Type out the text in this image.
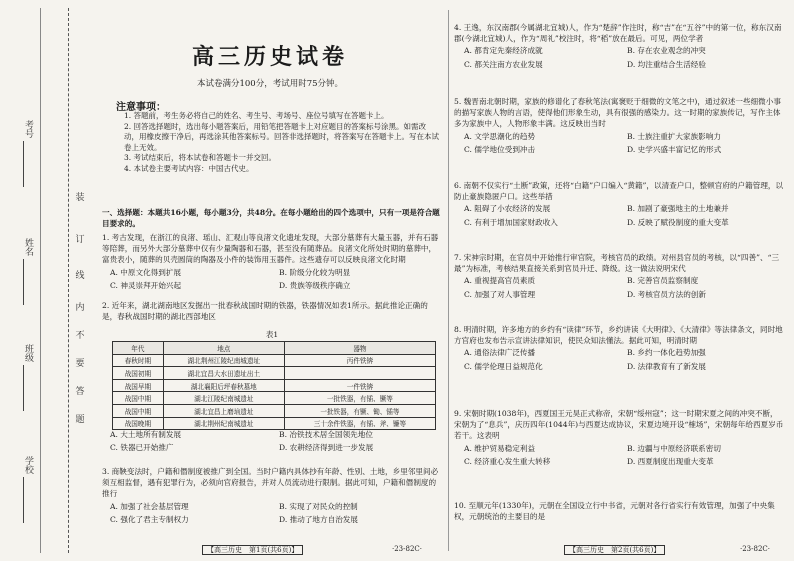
考号
姓名
班级
学校
装
订
线
内
不
要
答
题
高三历史试卷
本试卷满分100分，考试用时75分钟。
注意事项：

1. 答题前，考生务必将自己的姓名、考生号、考场号、座位号填写在答题卡上。

2. 回答选择题时，选出每小题答案后，用铅笔把答题卡上对应题目的答案标号涂黑。如需改动，用橡皮擦干净后，再选涂其他答案标号。回答非选择题时，将答案写在答题卡上。写在本试卷上无效。

3. 考试结束后，将本试卷和答题卡一并交回。

4. 本试卷主要考试内容：中国古代史。

一、选择题：本题共16小题，每小题3分，共48分。在每小题给出的四个选项中，只有一项是符合题目要求的。

1. 考古发现，在浙江的良渚、瑶山、汇观山等良渚文化遗址发现，大部分墓葬有大量玉器，并有石器等陪葬，而另外大部分墓葬中仅有少量陶器和石器，甚至没有随葬品。良渚文化所处时期的墓葬中，富贵表小，随葬的贝壳圆筒的陶器及小件的装饰用玉器件。这些遗存可以反映良渚文化时期

A. 中原文化得到扩展	B. 阶级分化较为明显
C. 神灵崇拜开始兴起	D. 贵族等级秩序确立

2. 近年来，湖北湖南地区发掘出一批春秋战国时期的铁器，铁器情况如表1所示。据此推论正确的是，春秋战国时期的湖北西部地区

表1
年代	地点	器物
春秋时期	湖北荆州江陵纪南城遗址	丙件铁锛
战国初期	湖北宜昌大水田遗址出土	
战国早期	湖北襄阳后坪春秋墓地	一件铁锛
战国中期	湖北江陵纪南城遗址	一批铁器，有锸、镢等
战国中期	湖北宜昌上磨垴遗址	一批铁器，有镢、锄、锸等
战国晚期	湖北荆州纪南城遗址	三十余件铁器，有锸、斧、镰等
A. 大土地所有制发展	B. 冶铁技术居全国领先地位
C. 铁器已开始推广	D. 农耕经济得到进一步发展

3. 商鞅变法时，户籍和僭制度被推广到全国。当时户籍内具体抄有年龄、性别、土地，乡里邻里间必须互相监督，遇有犯罪行为，必须向官府报告，并对人员流动进行限制。据此可知，户籍和僭制度的推行

A. 加强了社会基层管理	B. 实现了对民众的控制
C. 强化了君主专制权力	D. 推动了地方自治发展
【高三历史　第1页(共6页)】	·23-82C·

4. 王逸，东汉南郡(今属湖北宜城)人，作为“楚辞”作注时，称“吉”在“五谷”中的第一位，称东汉南郡(今湖北宜城)人，作为“周礼”校注时，将“稻”放在最后。可见，两位学者

A. 都肯定先秦经济成就	B. 存在农业观念的冲突
C. 都关注南方农业发展	D. 均注重结合生活经验

5. 魏晋南北朝时期，家族的修谱化了春秋笔法(寓褒贬于细微的文笔之中)，通过叙述一些细微小事的描写家族人物的言语，使得他们形象生动，具有很强的感染力。这一时期的家族传记，写作主体多为家族中人，人物形象丰满。这反映出当时

A. 文学思潮化的趋势	B. 士族注重扩大家族影响力
C. 儒学地位受到冲击	D. 史学兴盛丰富记忆的形式

6. 南朝不仅实行“土断”政策，还将“白籍”户口编入“黄籍”，以清查户口，整顿官府的户籍管理，以防止豪族隐匿户口。这些举措

A. 阻碍了小农经济的发展	B. 加剧了豪强地主的土地兼并
C. 有利于增加国家财政收入	D. 反映了赋役制度的重大变革

7. 宋神宗时期，在官员中开始推行审官院，考核官员的政绩。对州县官员的考核，以“四善”、“三最”为标准，考核结果直接关系到官员升迁、降级。这一做法说明宋代

A. 重视提高官员素质	B. 完善官员监察制度
C. 加强了对人事管理	D. 考核官员方法的创新

8. 明清时期，许多地方的乡约有“读律”环节，乡约讲读《大明律》、《大清律》等法律条文，同时地方官府也发布告示宣讲法律知识，使民众知法懂法。据此可知，明清时期

A. 通俗法律广泛传播	B. 乡约一体化趋势加强
C. 儒学伦理日益规范化	D. 法律教育有了新发展

9. 宋朝时期(1038年)，西夏国王元昊正式称帝，宋朝“绥州寇”；这一时期宋夏之间的冲突不断，宋朝为了“息兵”，庆历四年(1044年)与西夏达成协议，宋夏边境开设“榷场”，宋朝每年给西夏岁币若干。这表明

A. 维护贸易稳定利益	B. 边疆与中原经济联系密切
C. 经济重心发生重大转移	D. 西夏制度出现重大变革

10. 至顺元年(1330年)，元朝在全国设立行中书省，元朝对各行省实行有效管理，加强了中央集权，元朝统治的主要目的是

【高三历史　第2页(共6页)】	·23-82C·
